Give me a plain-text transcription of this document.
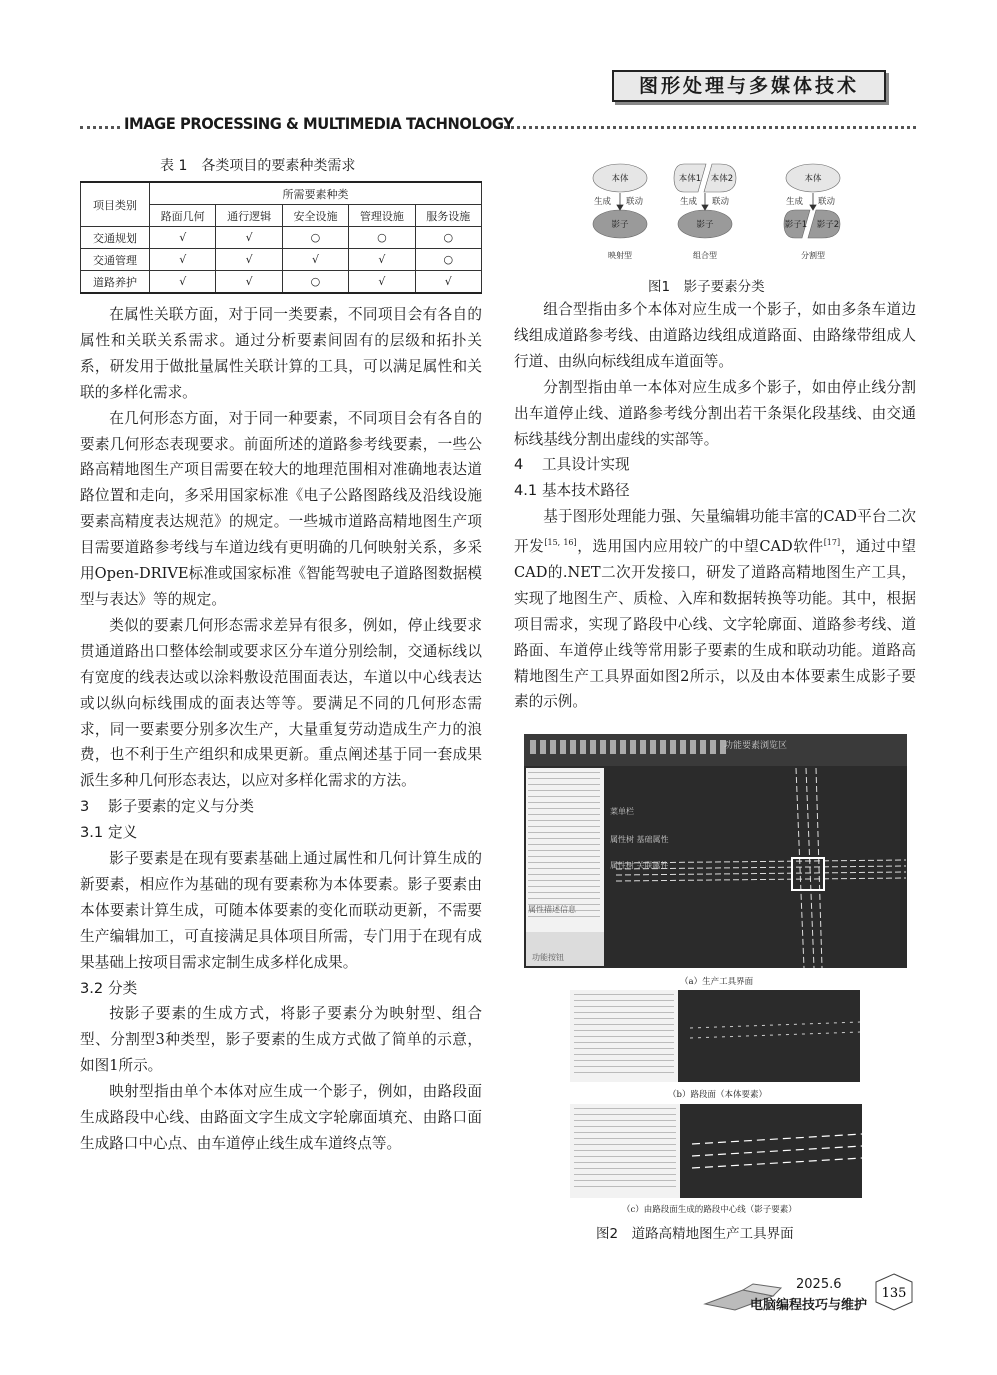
图形处理与多媒体技术
IMAGE PROCESSING & MULTIMEDIA TACHNOLOGY
表 1　各类项目的要素种类需求
项目类别	所需要素种类				
	路面几何	通行逻辑	安全设施	管理设施	服务设施
交通规划	√	√	○	○	○
交通管理	√	√	√	√	○
道路养护	√	√	○	√	√

在属性关联方面，对于同一类要素，不同项目会有各自的属性和关联关系需求。通过分析要素间固有的层级和拓扑关系，研发用于做批量属性关联计算的工具，可以满足属性和关联的多样化需求。

在几何形态方面，对于同一种要素，不同项目会有各自的要素几何形态表现要求。前面所述的道路参考线要素，一些公路高精地图生产项目需要在较大的地理范围相对准确地表达道路位置和走向，多采用国家标准《电子公路图路线及沿线设施要素高精度表达规范》的规定。一些城市道路高精地图生产项目需要道路参考线与车道边线有更明确的几何映射关系，多采用Open-DRIVE标准或国家标准《智能驾驶电子道路图数据模型与表达》等的规定。

类似的要素几何形态需求差异有很多，例如，停止线要求贯通道路出口整体绘制或要求区分车道分别绘制，交通标线以有宽度的线表达或以涂料敷设范围面表达，车道以中心线表达或以纵向标线围成的面表达等等。要满足不同的几何形态需求，同一要素要分别多次生产，大量重复劳动造成生产力的浪费，也不利于生产组织和成果更新。重点阐述基于同一套成果派生多种几何形态表达，以应对多样化需求的方法。

3 影子要素的定义与分类
3.1 定义

影子要素是在现有要素基础上通过属性和几何计算生成的新要素，相应作为基础的现有要素称为本体要素。影子要素由本体要素计算生成，可随本体要素的变化而联动更新，不需要生产编辑加工，可直接满足具体项目所需，专门用于在现有成果基础上按项目需求定制生成多样化成果。

3.2 分类

按影子要素的生成方式，将影子要素分为映射型、组合型、分割型3种类型，影子要素的生成方式做了简单的示意，如图1所示。

映射型指由单个本体对应生成一个影子，例如，由路段面生成路段中心线、由路面文字生成文字轮廓面填充、由路口面生成路口中心点、由车道停止线生成车道终点等。

本体	本体1 本体2	本体
影子	影子	影子1 影子2
生成 联动	生成 联动	生成 联动
映射型	组合型	分割型
图1　影子要素分类

组合型指由多个本体对应生成一个影子，如由多条车道边线组成道路参考线、由道路边线组成道路面、由路缘带组成人行道、由纵向标线组成车道面等。

分割型指由单一本体对应生成多个影子，如由停止线分割出车道停止线、道路参考线分割出若干条渠化段基线、由交通标线基线分割出虚线的实部等。

4 工具设计实现
4.1 基本技术路径

基于图形处理能力强、矢量编辑功能丰富的CAD平台二次开发[15, 16]，选用国内应用较广的中望CAD软件[17]，通过中望CAD的.NET二次开发接口，研发了道路高精地图生产工具，实现了地图生产、质检、入库和数据转换等功能。其中，根据项目需求，实现了路段中心线、文字轮廓面、道路参考线、道路面、车道停止线等常用影子要素的生成和联动功能。道路高精地图生产工具界面如图2所示，以及由本体要素生成影子要素的示例。

功能要素浏览区
菜单栏
属性树 基础属性
属性树 关联属性
属性描述信息
功能按钮
（a）生产工具界面
（b）路段面（本体要素）
（c）由路段面生成的路段中心线（影子要素）
图2　道路高精地图生产工具界面
2025.6
电脑编程技巧与维护
135
